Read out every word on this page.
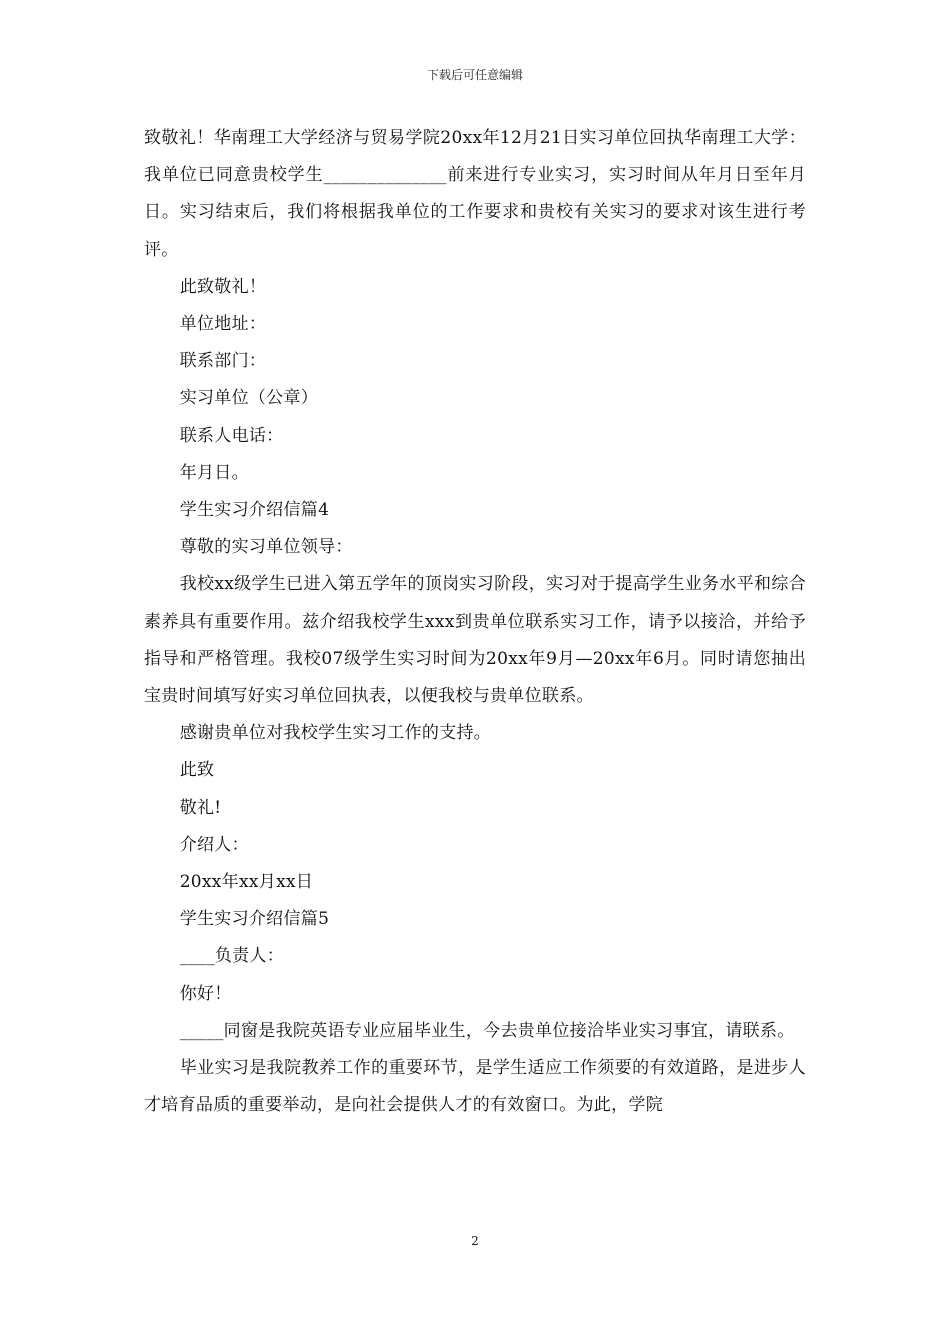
下载后可任意编辑

致敬礼！华南理工大学经济与贸易学院20xx年12月21日实习单位回执华南理工大学：我单位已同意贵校学生______________前来进行专业实习，实习时间从年月日至年月日。实习结束后，我们将根据我单位的工作要求和贵校有关实习的要求对该生进行考评。

此致敬礼！

单位地址：

联系部门：

实习单位（公章）

联系人电话：

年月日。

学生实习介绍信篇4

尊敬的实习单位领导：

我校xx级学生已进入第五学年的顶岗实习阶段，实习对于提高学生业务水平和综合素养具有重要作用。兹介绍我校学生xxx到贵单位联系实习工作，请予以接洽，并给予指导和严格管理。我校07级学生实习时间为20xx年9月—20xx年6月。同时请您抽出宝贵时间填写好实习单位回执表，以便我校与贵单位联系。

感谢贵单位对我校学生实习工作的支持。

此致

敬礼!

介绍人：

20xx年xx月xx日

学生实习介绍信篇5

____负责人：

你好！

_____同窗是我院英语专业应届毕业生，今去贵单位接洽毕业实习事宜，请联系。

毕业实习是我院教养工作的重要环节，是学生适应工作须要的有效道路，是进步人才培育品质的重要举动，是向社会提供人才的有效窗口。为此，学院

2
